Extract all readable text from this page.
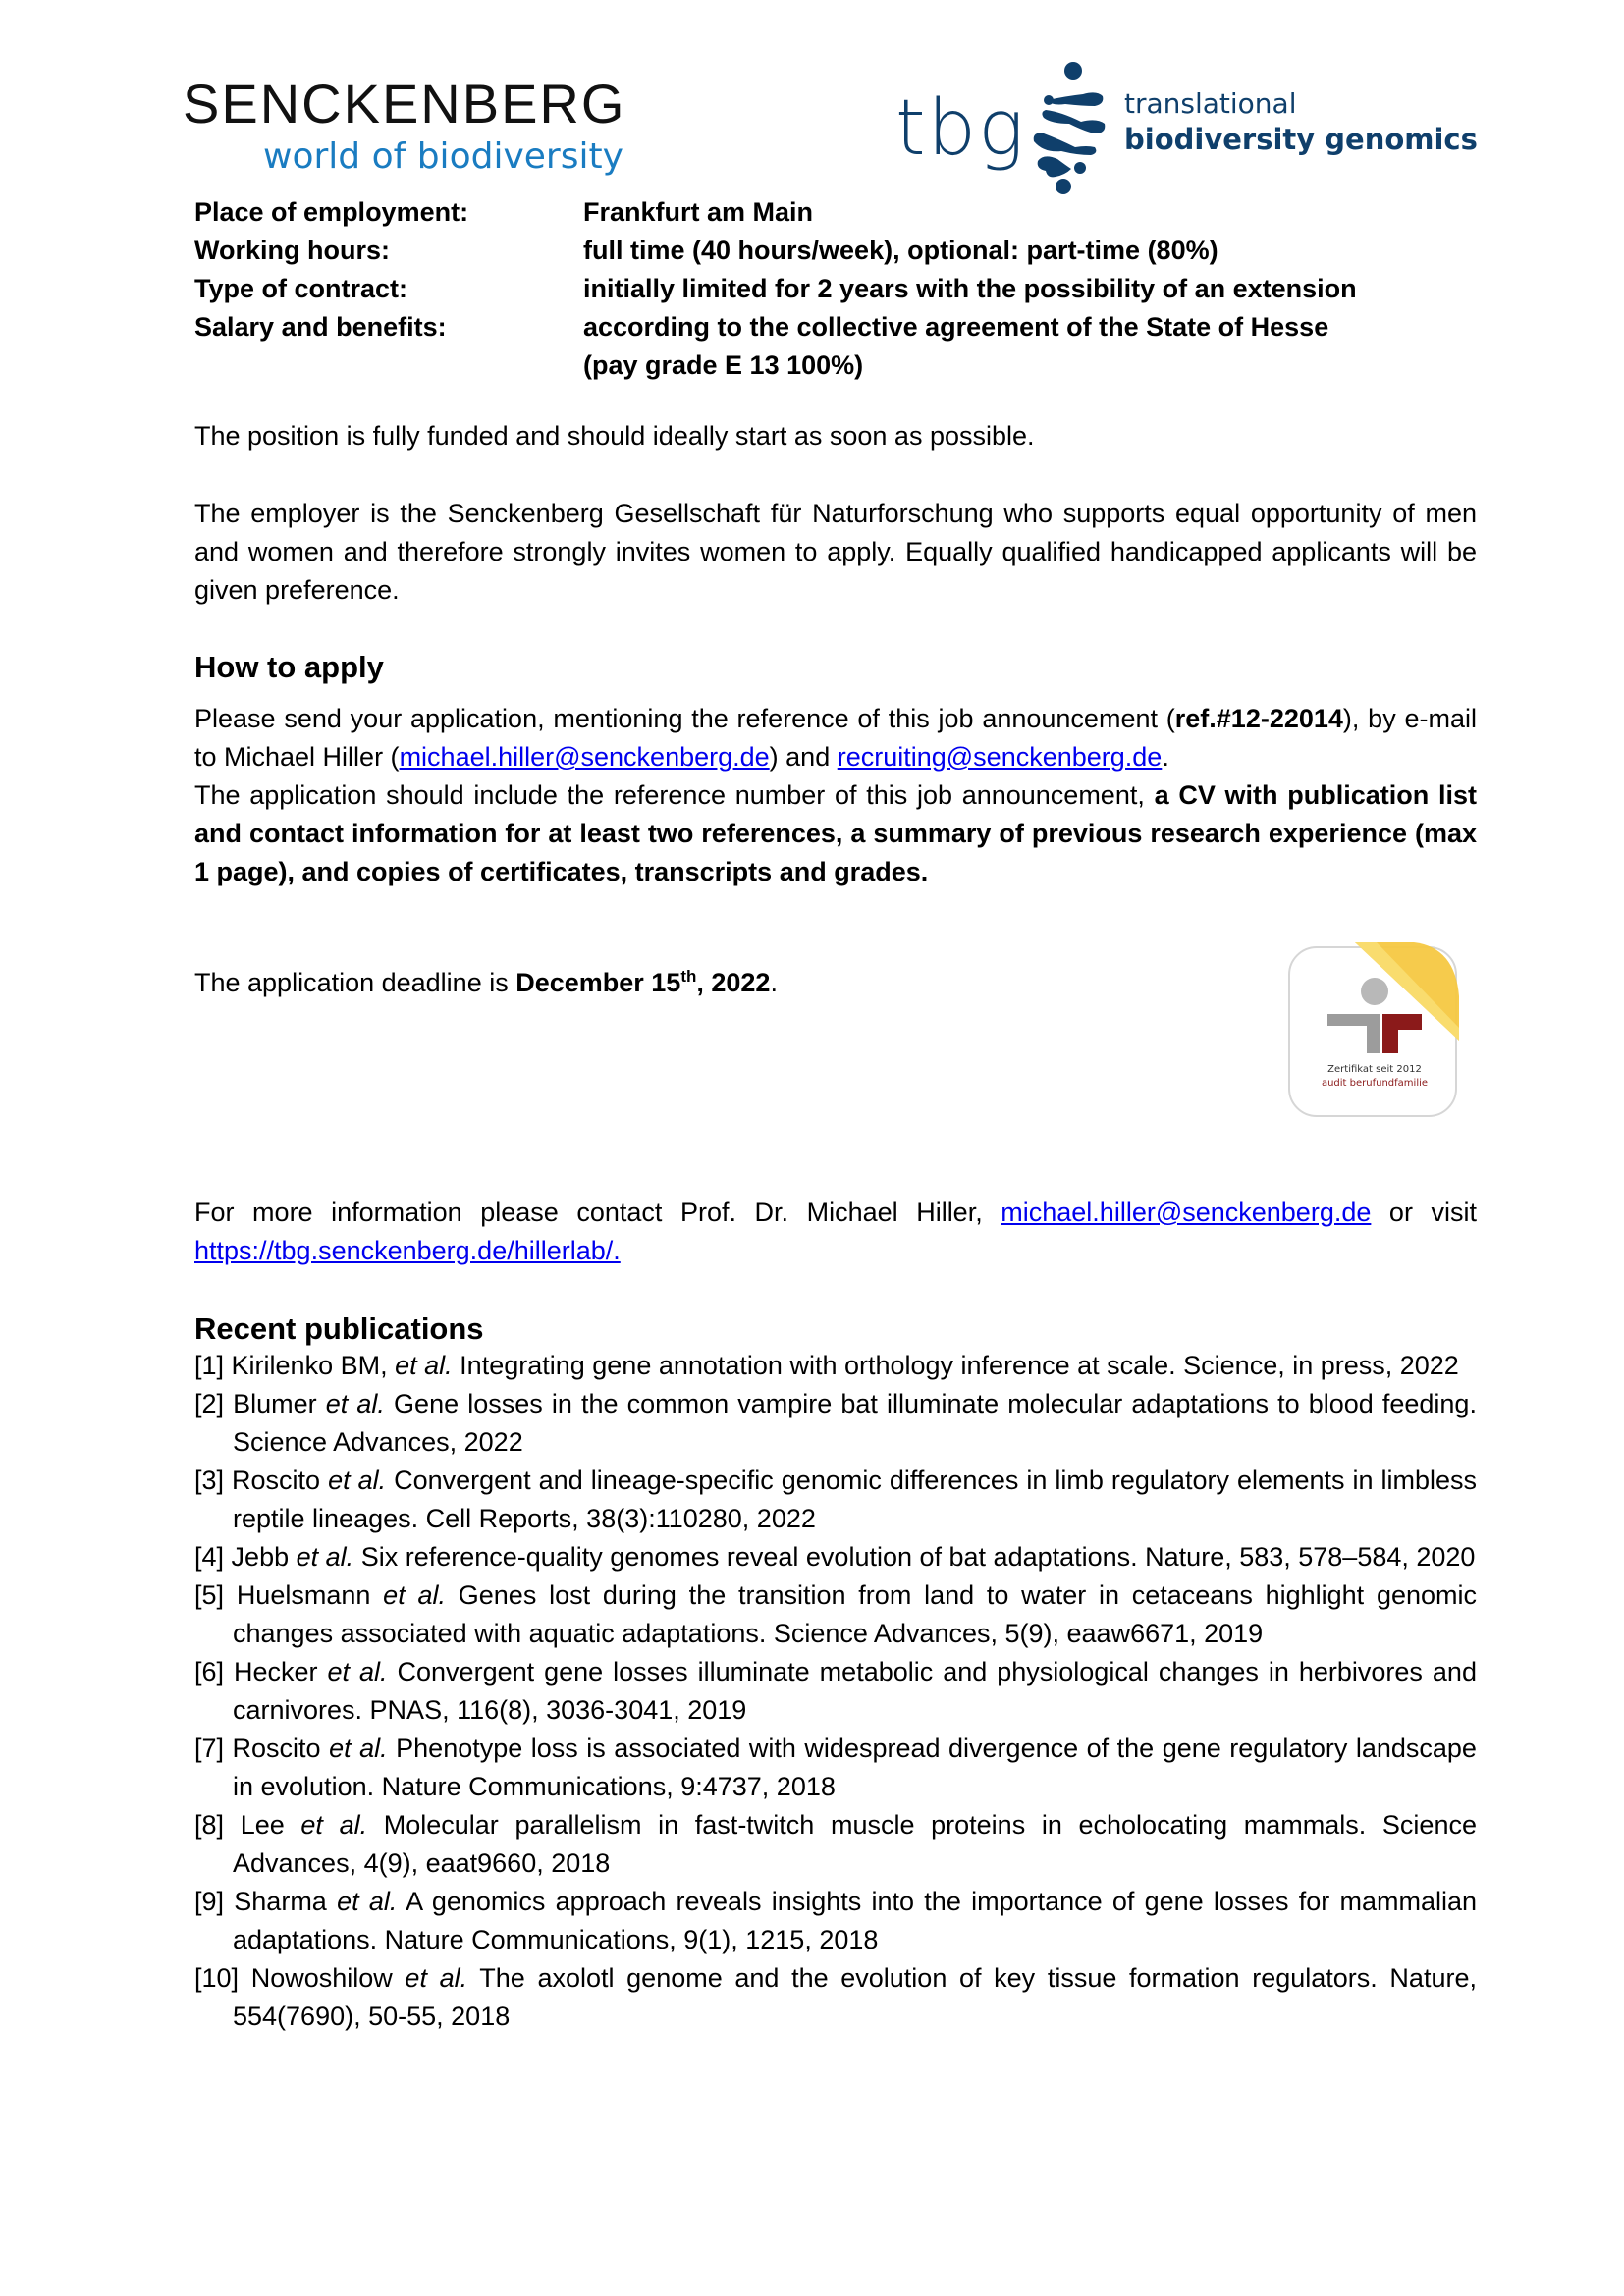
SENCKENBERG
world of biodiversity	tbg	translational
biodiversity genomics
Place of employment:	Frankfurt am Main
Working hours:	full time (40 hours/week), optional: part-time (80%)
Type of contract:	initially limited for 2 years with the possibility of an extension
Salary and benefits:	according to the collective agreement of the State of Hesse
(pay grade E 13 100%)
The position is fully funded and should ideally start as soon as possible.
The employer is the Senckenberg Gesellschaft für Naturforschung who supports equal opportunity of men and women and therefore strongly invites women to apply. Equally qualified handicapped applicants will be given preference.
How to apply
Please send your application, mentioning the reference of this job announcement (ref.#12-22014), by e-mail to Michael Hiller (michael.hiller@senckenberg.de) and recruiting@senckenberg.de.
The application should include the reference number of this job announcement, a CV with publication list and contact information for at least two references, a summary of previous research experience (max 1 page), and copies of certificates, transcripts and grades.
The application deadline is December 15th, 2022.
Zertifikat seit 2012
audit berufundfamilie
For more information please contact Prof. Dr. Michael Hiller, michael.hiller@senckenberg.de or visit https://tbg.senckenberg.de/hillerlab/.
Recent publications
[1] Kirilenko BM, et al. Integrating gene annotation with orthology inference at scale. Science, in press, 2022
[2] Blumer et al. Gene losses in the common vampire bat illuminate molecular adaptations to blood feeding. Science Advances, 2022
[3] Roscito et al. Convergent and lineage-specific genomic differences in limb regulatory elements in limbless reptile lineages. Cell Reports, 38(3):110280, 2022
[4] Jebb et al. Six reference-quality genomes reveal evolution of bat adaptations. Nature, 583, 578–584, 2020
[5] Huelsmann et al. Genes lost during the transition from land to water in cetaceans highlight genomic changes associated with aquatic adaptations. Science Advances, 5(9), eaaw6671, 2019
[6] Hecker et al. Convergent gene losses illuminate metabolic and physiological changes in herbivores and carnivores. PNAS, 116(8), 3036-3041, 2019
[7] Roscito et al. Phenotype loss is associated with widespread divergence of the gene regulatory landscape in evolution. Nature Communications, 9:4737, 2018
[8] Lee et al. Molecular parallelism in fast-twitch muscle proteins in echolocating mammals. Science Advances, 4(9), eaat9660, 2018
[9] Sharma et al. A genomics approach reveals insights into the importance of gene losses for mammalian adaptations. Nature Communications, 9(1), 1215, 2018
[10] Nowoshilow et al. The axolotl genome and the evolution of key tissue formation regulators. Nature, 554(7690), 50-55, 2018
